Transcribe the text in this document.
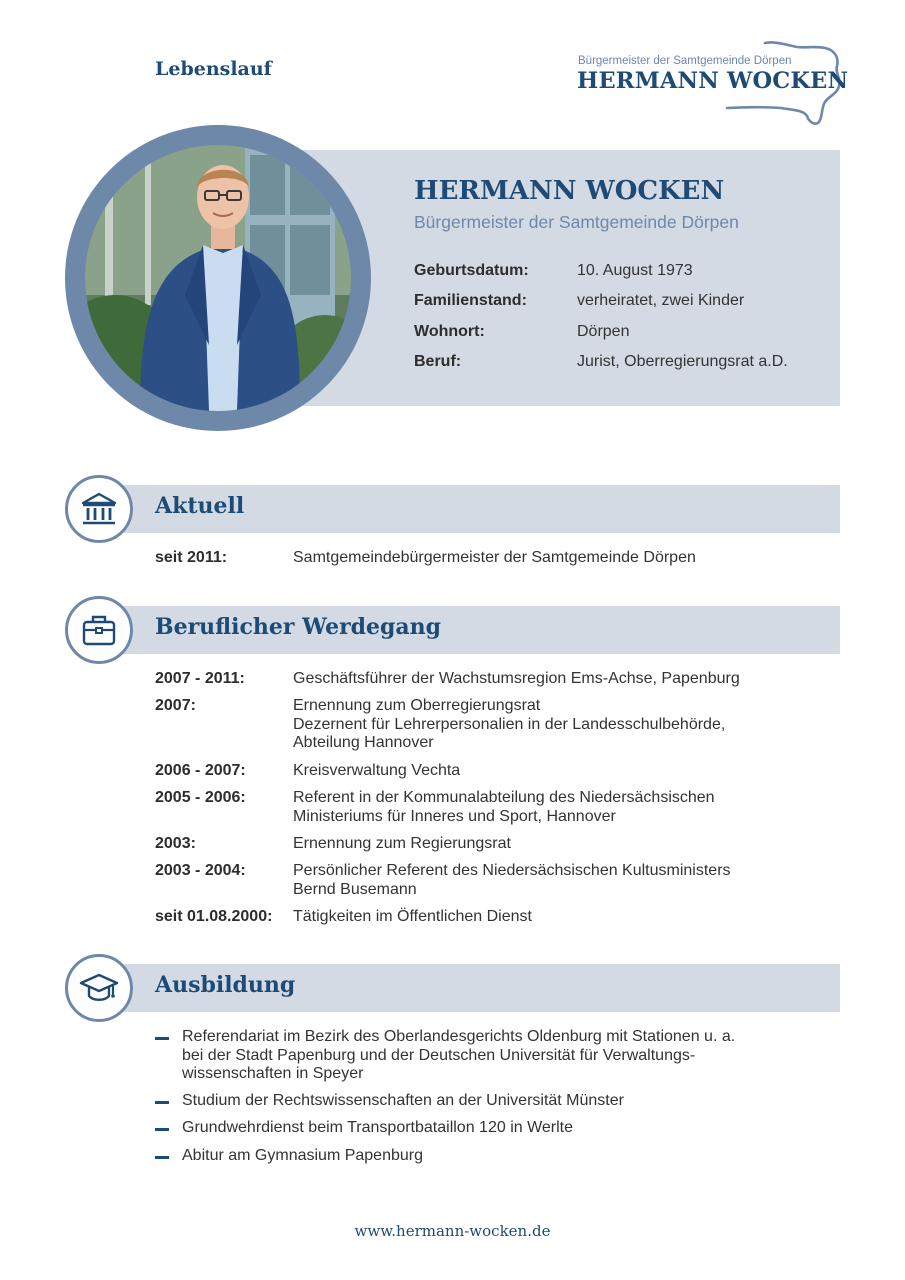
Lebenslauf	Bürgermeister der Samtgemeinde Dörpen
HERMANN WOCKEN
HERMANN WOCKEN
Bürgermeister der Samtgemeinde Dörpen
Geburtsdatum:	10. August 1973
Familienstand:	verheiratet, zwei Kinder
Wohnort:	Dörpen
Beruf:	Jurist, Oberregierungsrat a.D.
Aktuell
seit 2011:	Samtgemeindebürgermeister der Samtgemeinde Dörpen
Beruflicher Werdegang
2007 - 2011:	Geschäftsführer der Wachstumsregion Ems-Achse, Papenburg
2007:	Ernennung zum Oberregierungsrat
Dezernent für Lehrerpersonalien in der Landesschulbehörde,
Abteilung Hannover
2006 - 2007:	Kreisverwaltung Vechta
2005 - 2006:	Referent in der Kommunalabteilung des Niedersächsischen
Ministeriums für Inneres und Sport, Hannover
2003:	Ernennung zum Regierungsrat
2003 - 2004:	Persönlicher Referent des Niedersächsischen Kultusministers
Bernd Busemann
seit 01.08.2000: Tätigkeiten im Öffentlichen Dienst
Ausbildung
Referendariat im Bezirk des Oberlandesgerichts Oldenburg mit Stationen u. a.
bei der Stadt Papenburg und der Deutschen Universität für Verwaltungs-
wissenschaften in Speyer
Studium der Rechtswissenschaften an der Universität Münster
Grundwehrdienst beim Transportbataillon 120 in Werlte
Abitur am Gymnasium Papenburg
www.hermann-wocken.de
